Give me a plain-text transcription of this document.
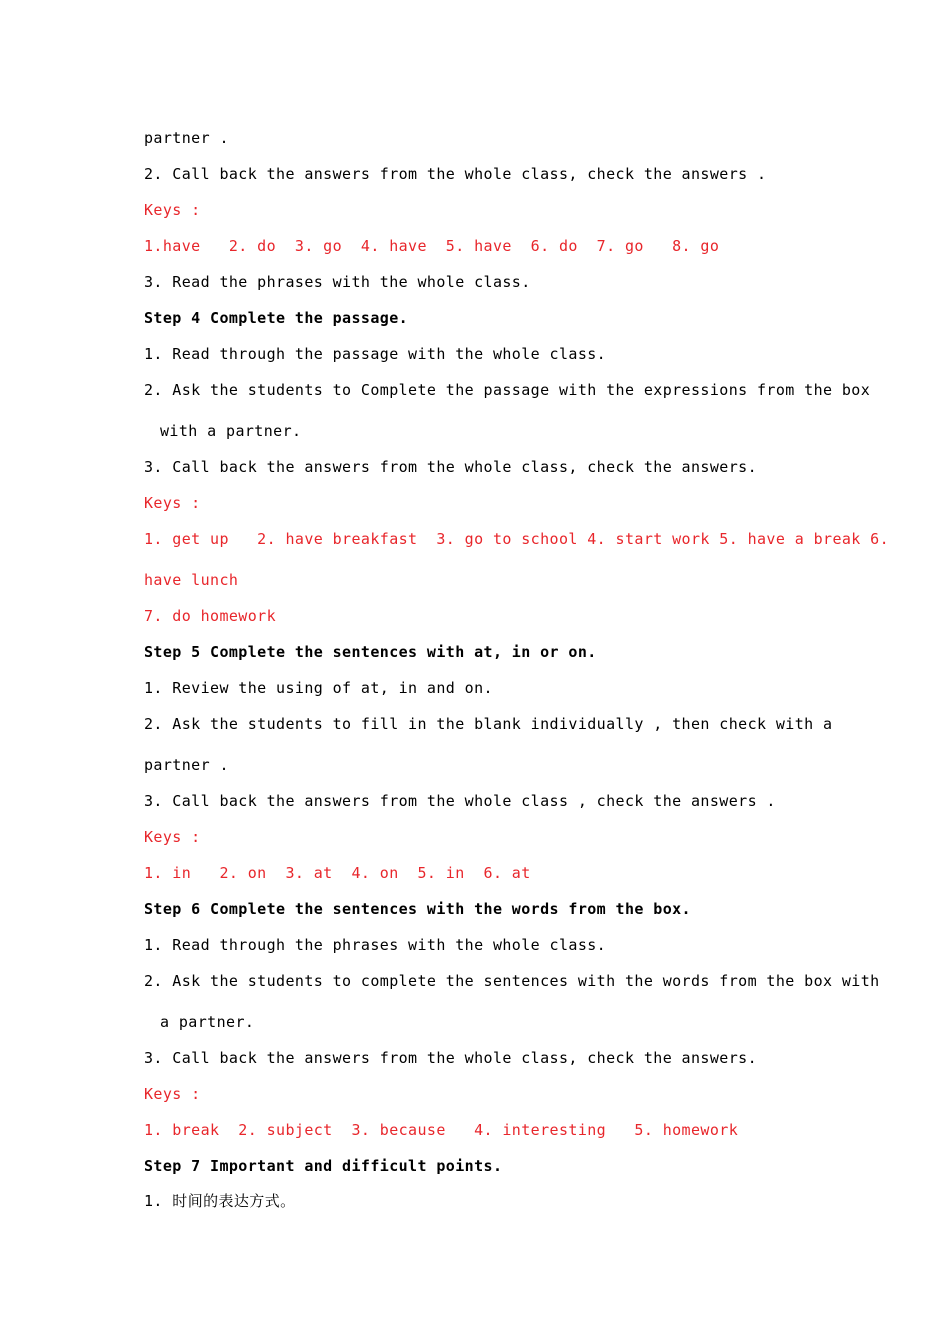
partner .
2. Call back the answers from the whole class, check the answers .
Keys :
1.have   2. do  3. go  4. have  5. have  6. do  7. go   8. go
3. Read the phrases with the whole class.
Step 4 Complete the passage.
1. Read through the passage with the whole class.
2. Ask the students to Complete the passage with the expressions from the box
with a partner.
3. Call back the answers from the whole class, check the answers.
Keys :
1. get up   2. have breakfast  3. go to school 4. start work 5. have a break 6.
have lunch
7. do homework
Step 5 Complete the sentences with at, in or on.
1. Review the using of at, in and on.
2. Ask the students to fill in the blank individually , then check with a
partner .
3. Call back the answers from the whole class , check the answers .
Keys :
1. in   2. on  3. at  4. on  5. in  6. at
Step 6 Complete the sentences with the words from the box.
1. Read through the phrases with the whole class.
2. Ask the students to complete the sentences with the words from the box with
a partner.
3. Call back the answers from the whole class, check the answers.
Keys :
1. break  2. subject  3. because   4. interesting   5. homework
Step 7 Important and difficult points.
1. 时间的表达方式。
